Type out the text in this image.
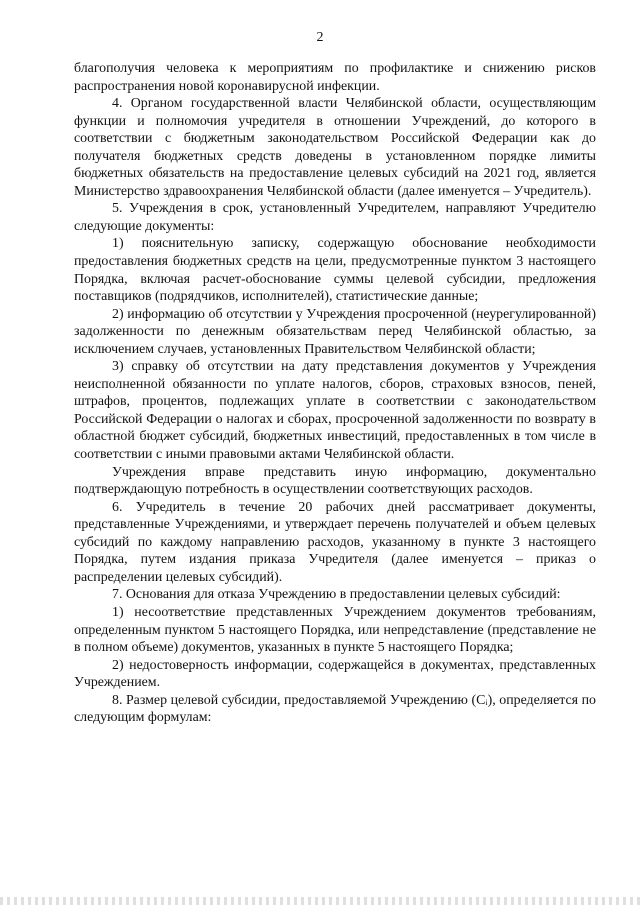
2

благополучия человека к мероприятиям по профилактике и снижению рисков распространения новой коронавирусной инфекции.

4. Органом государственной власти Челябинской области, осуществляющим функции и полномочия учредителя в отношении Учреждений, до которого в соответствии с бюджетным законодательством Российской Федерации как до получателя бюджетных средств доведены в установленном порядке лимиты бюджетных обязательств на предоставление целевых субсидий на 2021 год, является Министерство здравоохранения Челябинской области (далее именуется – Учредитель).

5. Учреждения в срок, установленный Учредителем, направляют Учредителю следующие документы:

1) пояснительную записку, содержащую обоснование необходимости предоставления бюджетных средств на цели, предусмотренные пунктом 3 настоящего Порядка, включая расчет-обоснование суммы целевой субсидии, предложения поставщиков (подрядчиков, исполнителей), статистические данные;

2) информацию об отсутствии у Учреждения просроченной (неурегулированной) задолженности по денежным обязательствам перед Челябинской областью, за исключением случаев, установленных Правительством Челябинской области;

3) справку об отсутствии на дату представления документов у Учреждения неисполненной обязанности по уплате налогов, сборов, страховых взносов, пеней, штрафов, процентов, подлежащих уплате в соответствии с законодательством Российской Федерации о налогах и сборах, просроченной задолженности по возврату в областной бюджет субсидий, бюджетных инвестиций, предоставленных в том числе в соответствии с иными правовыми актами Челябинской области.

Учреждения вправе представить иную информацию, документально подтверждающую потребность в осуществлении соответствующих расходов.

6. Учредитель в течение 20 рабочих дней рассматривает документы, представленные Учреждениями, и утверждает перечень получателей и объем целевых субсидий по каждому направлению расходов, указанному в пункте 3 настоящего Порядка, путем издания приказа Учредителя (далее именуется – приказ о распределении целевых субсидий).

7. Основания для отказа Учреждению в предоставлении целевых субсидий:

1) несоответствие представленных Учреждением документов требованиям, определенным пунктом 5 настоящего Порядка, или непредставление (представление не в полном объеме) документов, указанных в пункте 5 настоящего Порядка;

2) недостоверность информации, содержащейся в документах, представленных Учреждением.

8. Размер целевой субсидии, предоставляемой Учреждению (Cᵢ), определяется по следующим формулам:
